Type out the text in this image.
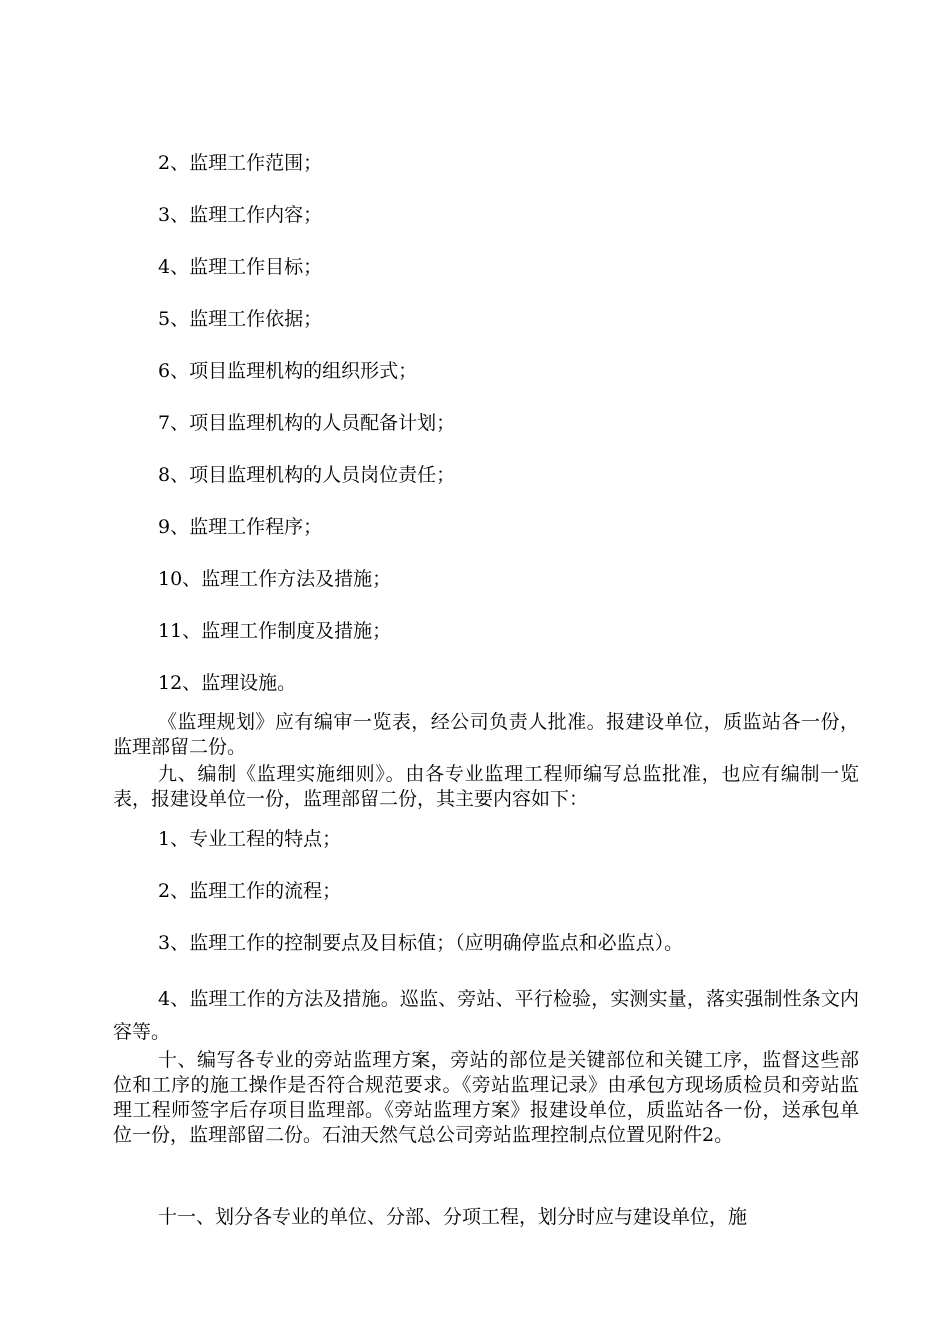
2、监理工作范围；
3、监理工作内容；
4、监理工作目标；
5、监理工作依据；
6、项目监理机构的组织形式；
7、项目监理机构的人员配备计划；
8、项目监理机构的人员岗位责任；
9、监理工作程序；
10、监理工作方法及措施；
11、监理工作制度及措施；
12、监理设施。
《监理规划》应有编审一览表，经公司负责人批准。报建设单位，质监站各一份，监理部留二份。
九、编制《监理实施细则》。由各专业监理工程师编写总监批准，也应有编制一览表，报建设单位一份，监理部留二份，其主要内容如下：
1、专业工程的特点；
2、监理工作的流程；
3、监理工作的控制要点及目标值；（应明确停监点和必监点）。
4、监理工作的方法及措施。巡监、旁站、平行检验，实测实量，落实强制性条文内容等。
十、编写各专业的旁站监理方案，旁站的部位是关键部位和关键工序，监督这些部位和工序的施工操作是否符合规范要求。《旁站监理记录》由承包方现场质检员和旁站监理工程师签字后存项目监理部。《旁站监理方案》报建设单位，质监站各一份，送承包单位一份，监理部留二份。石油天然气总公司旁站监理控制点位置见附件2。
十一、划分各专业的单位、分部、分项工程，划分时应与建设单位，施
